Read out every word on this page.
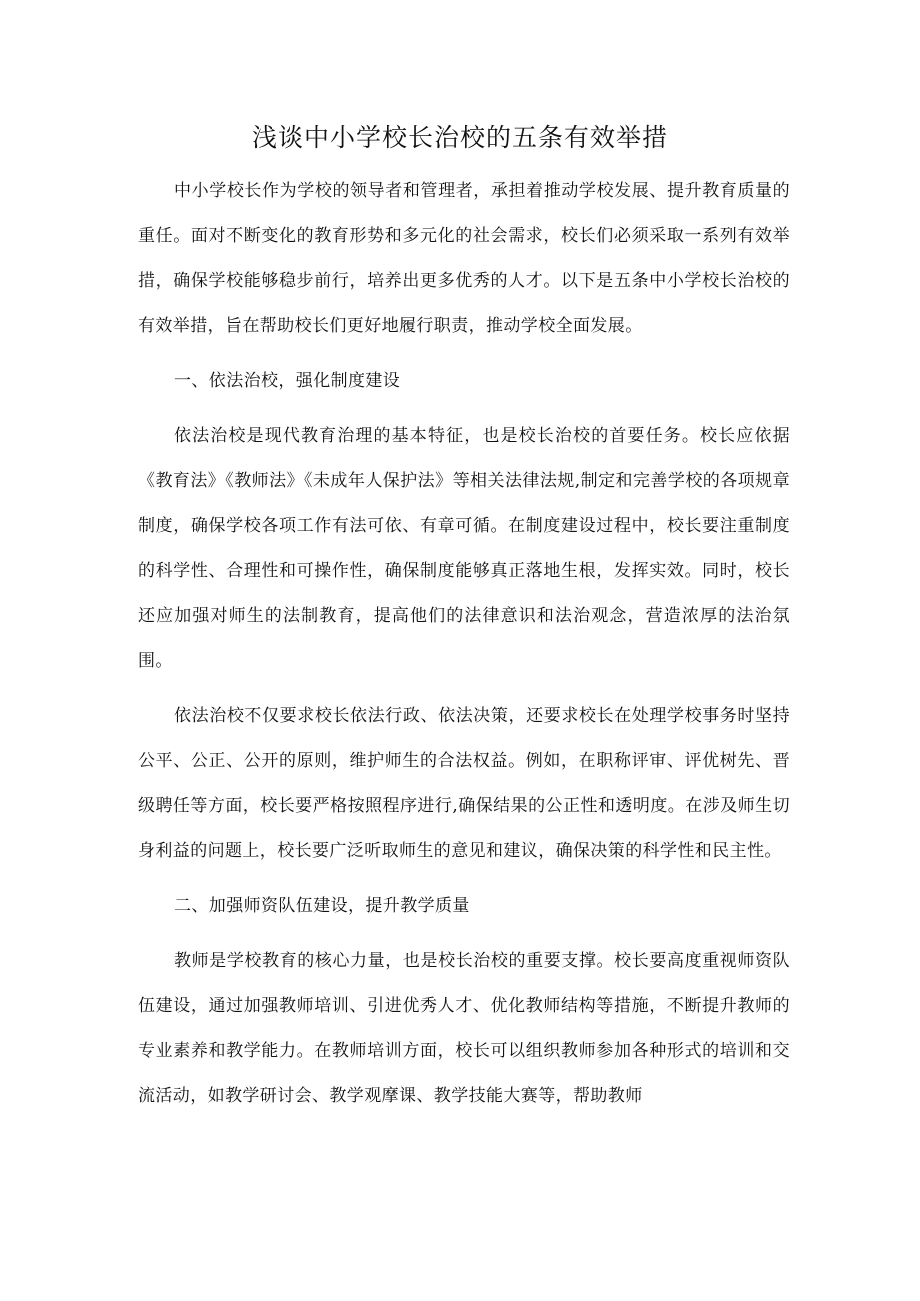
浅谈中小学校长治校的五条有效举措

中小学校长作为学校的领导者和管理者，承担着推动学校发展、提升教育质量的重任。面对不断变化的教育形势和多元化的社会需求，校长们必须采取一系列有效举措，确保学校能够稳步前行，培养出更多优秀的人才。以下是五条中小学校长治校的有效举措，旨在帮助校长们更好地履行职责，推动学校全面发展。

一、依法治校，强化制度建设

依法治校是现代教育治理的基本特征，也是校长治校的首要任务。校长应依据《教育法》《教师法》《未成年人保护法》等相关法律法规,制定和完善学校的各项规章制度，确保学校各项工作有法可依、有章可循。在制度建设过程中，校长要注重制度的科学性、合理性和可操作性，确保制度能够真正落地生根，发挥实效。同时，校长还应加强对师生的法制教育，提高他们的法律意识和法治观念，营造浓厚的法治氛围。

依法治校不仅要求校长依法行政、依法决策，还要求校长在处理学校事务时坚持公平、公正、公开的原则，维护师生的合法权益。例如，在职称评审、评优树先、晋级聘任等方面，校长要严格按照程序进行,确保结果的公正性和透明度。在涉及师生切身利益的问题上，校长要广泛听取师生的意见和建议，确保决策的科学性和民主性。

二、加强师资队伍建设，提升教学质量

教师是学校教育的核心力量，也是校长治校的重要支撑。校长要高度重视师资队伍建设，通过加强教师培训、引进优秀人才、优化教师结构等措施，不断提升教师的专业素养和教学能力。在教师培训方面，校长可以组织教师参加各种形式的培训和交流活动，如教学研讨会、教学观摩课、教学技能大赛等，帮助教师
